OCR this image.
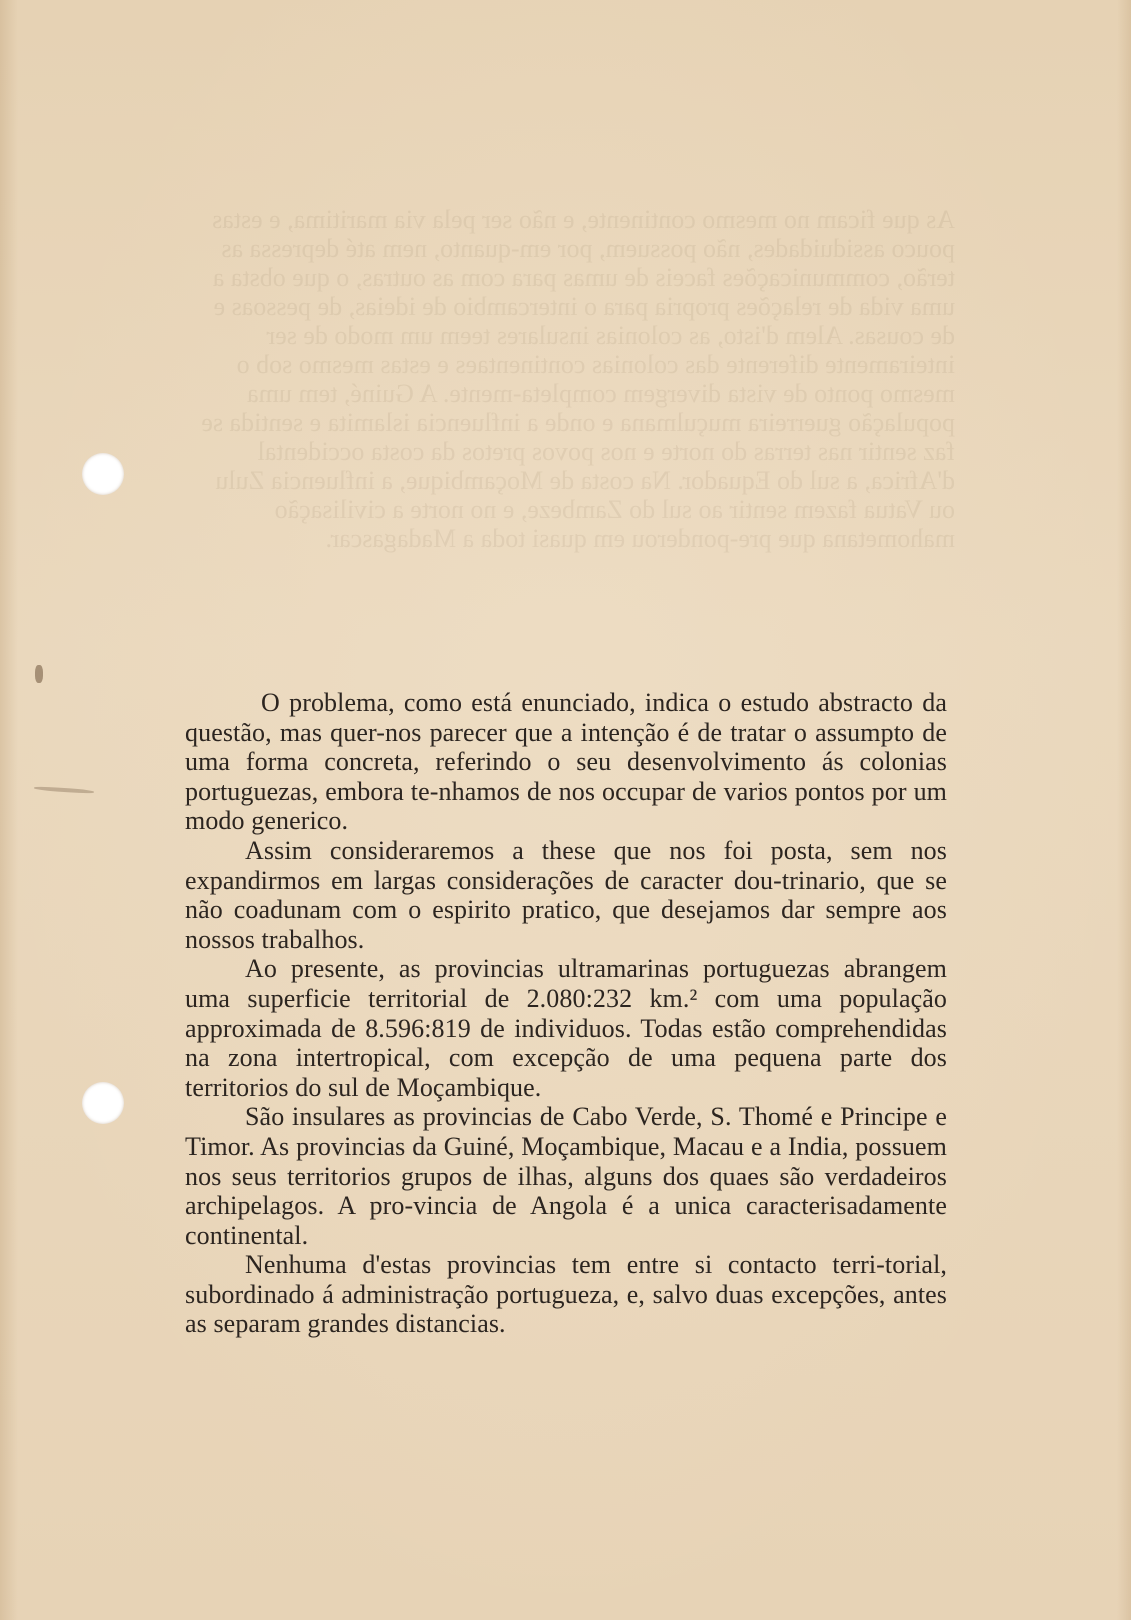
As que ficam no mesmo continente, e não ser pela via maritima, e estas pouco assiduidades, não possuem, por em-quanto, nem até depressa as terão, communicações faceis de umas para com as outras, o que obsta a uma vida de relações propria para o intercambio de ideias, de pessoas e de cousas. Alem d'isto, as colonias insulares teem um modo de ser inteiramente diferente das colonias continentaes e estas mesmo sob o mesmo ponto de vista divergem completa-mente. A Guiné, tem uma população guerreira muçulmana e onde a influencia islamita e sentida se faz sentir nas terras do norte e nos povos pretos da costa occidental d'Africa, a sul do Equador. Na costa de Moçambique, a influencia Zulu ou Vatua fazem sentir ao sul do Zambeze, e no norte a civilisação mahometana que pre-ponderou em quasi toda a Madagascar.

O problema, como está enunciado, indica o estudo abstracto da questão, mas quer-nos parecer que a intenção é de tratar o assumpto de uma forma concreta, referindo o seu desenvolvimento ás colonias portuguezas, embora te-nhamos de nos occupar de varios pontos por um modo generico.

Assim consideraremos a these que nos foi posta, sem nos expandirmos em largas considerações de caracter dou-trinario, que se não coadunam com o espirito pratico, que desejamos dar sempre aos nossos trabalhos.

Ao presente, as provincias ultramarinas portuguezas abrangem uma superficie territorial de 2.080:232 km.² com uma população approximada de 8.596:819 de individuos. Todas estão comprehendidas na zona intertropical, com excepção de uma pequena parte dos territorios do sul de Moçambique.

São insulares as provincias de Cabo Verde, S. Thomé e Principe e Timor. As provincias da Guiné, Moçambique, Macau e a India, possuem nos seus territorios grupos de ilhas, alguns dos quaes são verdadeiros archipelagos. A pro-vincia de Angola é a unica caracterisadamente continental.

Nenhuma d'estas provincias tem entre si contacto terri-torial, subordinado á administração portugueza, e, salvo duas excepções, antes as separam grandes distancias.
